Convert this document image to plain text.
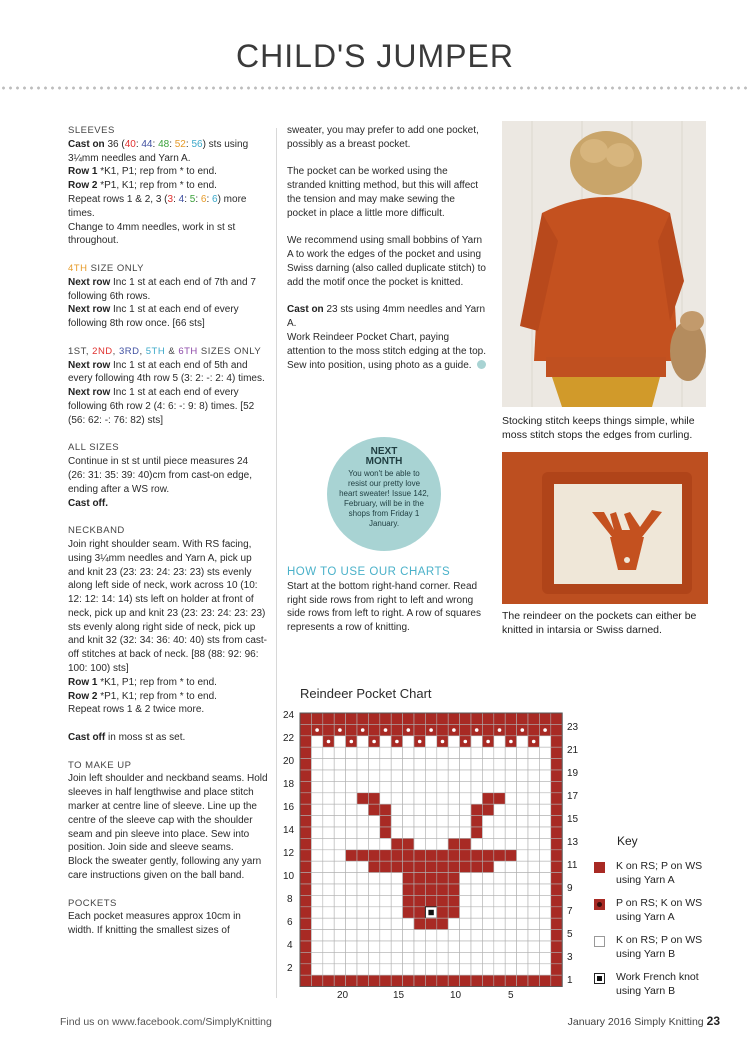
CHILD'S JUMPER
SLEEVES

Cast on 36 (40: 44: 48: 52: 56) sts using 3¼mm needles and Yarn A.
Row 1 *K1, P1; rep from * to end.
Row 2 *P1, K1; rep from * to end.
Repeat rows 1 & 2, 3 (3: 4: 5: 6: 6) more times.
Change to 4mm needles, work in st st throughout.

4TH SIZE ONLY

Next row Inc 1 st at each end of 7th and 7 following 6th rows.
Next row Inc 1 st at each end of every following 8th row once. [66 sts]

1ST, 2ND, 3RD, 5TH & 6TH SIZES ONLY

Next row Inc 1 st at each end of 5th and every following 4th row 5 (3: 2: -: 2: 4) times.
Next row Inc 1 st at each end of every following 6th row 2 (4: 6: -: 9: 8) times. [52 (56: 62: -: 76: 82) sts]

ALL SIZES

Continue in st st until piece measures 24 (26: 31: 35: 39: 40)cm from cast-on edge, ending after a WS row.
Cast off.

NECKBAND

Join right shoulder seam. With RS facing, using 3¼mm needles and Yarn A, pick up and knit 23 (23: 23: 24: 23: 23) sts evenly along left side of neck, work across 10 (10: 12: 12: 14: 14) sts left on holder at front of neck, pick up and knit 23 (23: 23: 24: 23: 23) sts evenly along right side of neck, pick up and knit 32 (32: 34: 36: 40: 40) sts from cast-off stitches at back of neck. [88 (88: 92: 96: 100: 100) sts]
Row 1 *K1, P1; rep from * to end.
Row 2 *P1, K1; rep from * to end.
Repeat rows 1 & 2 twice more.

Cast off in moss st as set.

TO MAKE UP

Join left shoulder and neckband seams. Hold sleeves in half lengthwise and place stitch marker at centre line of sleeve. Line up the centre of the sleeve cap with the shoulder seam and pin sleeve into place. Sew into position. Join side and sleeve seams.
Block the sweater gently, following any yarn care instructions given on the ball band.

POCKETS

Each pocket measures approx 10cm in width. If knitting the smallest sizes of

sweater, you may prefer to add one pocket, possibly as a breast pocket.

The pocket can be worked using the stranded knitting method, but this will affect the tension and may make sewing the pocket in place a little more difficult.

We recommend using small bobbins of Yarn A to work the edges of the pocket and using Swiss darning (also called duplicate stitch) to add the motif once the pocket is knitted.

Cast on 23 sts using 4mm needles and Yarn A.
Work Reindeer Pocket Chart, paying attention to the moss stitch edging at the top. Sew into position, using photo as a guide.

NEXT
MONTH
You won't be able to resist our pretty love heart sweater! Issue 142, February, will be in the shops from Friday 1 January.
HOW TO USE OUR CHARTS
Start at the bottom right-hand corner. Read right side rows from right to left and wrong side rows from left to right. A row of squares represents a row of knitting.
Stocking stitch keeps things simple, while moss stitch stops the edges from curling.
The reindeer on the pockets can either be knitted in intarsia or Swiss darned.
Reindeer Pocket Chart
24
22
20
18
16
14
12
10
8
6
4
2
23
21
19
17
15
13
11
9
7
5
3
1
20	15	10	5
Key
K on RS; P on WS using Yarn A
P on RS; K on WS using Yarn A
K on RS; P on WS using Yarn B
Work French knot using Yarn B
Find us on www.facebook.com/SimplyKnitting	January 2016 Simply Knitting 23
